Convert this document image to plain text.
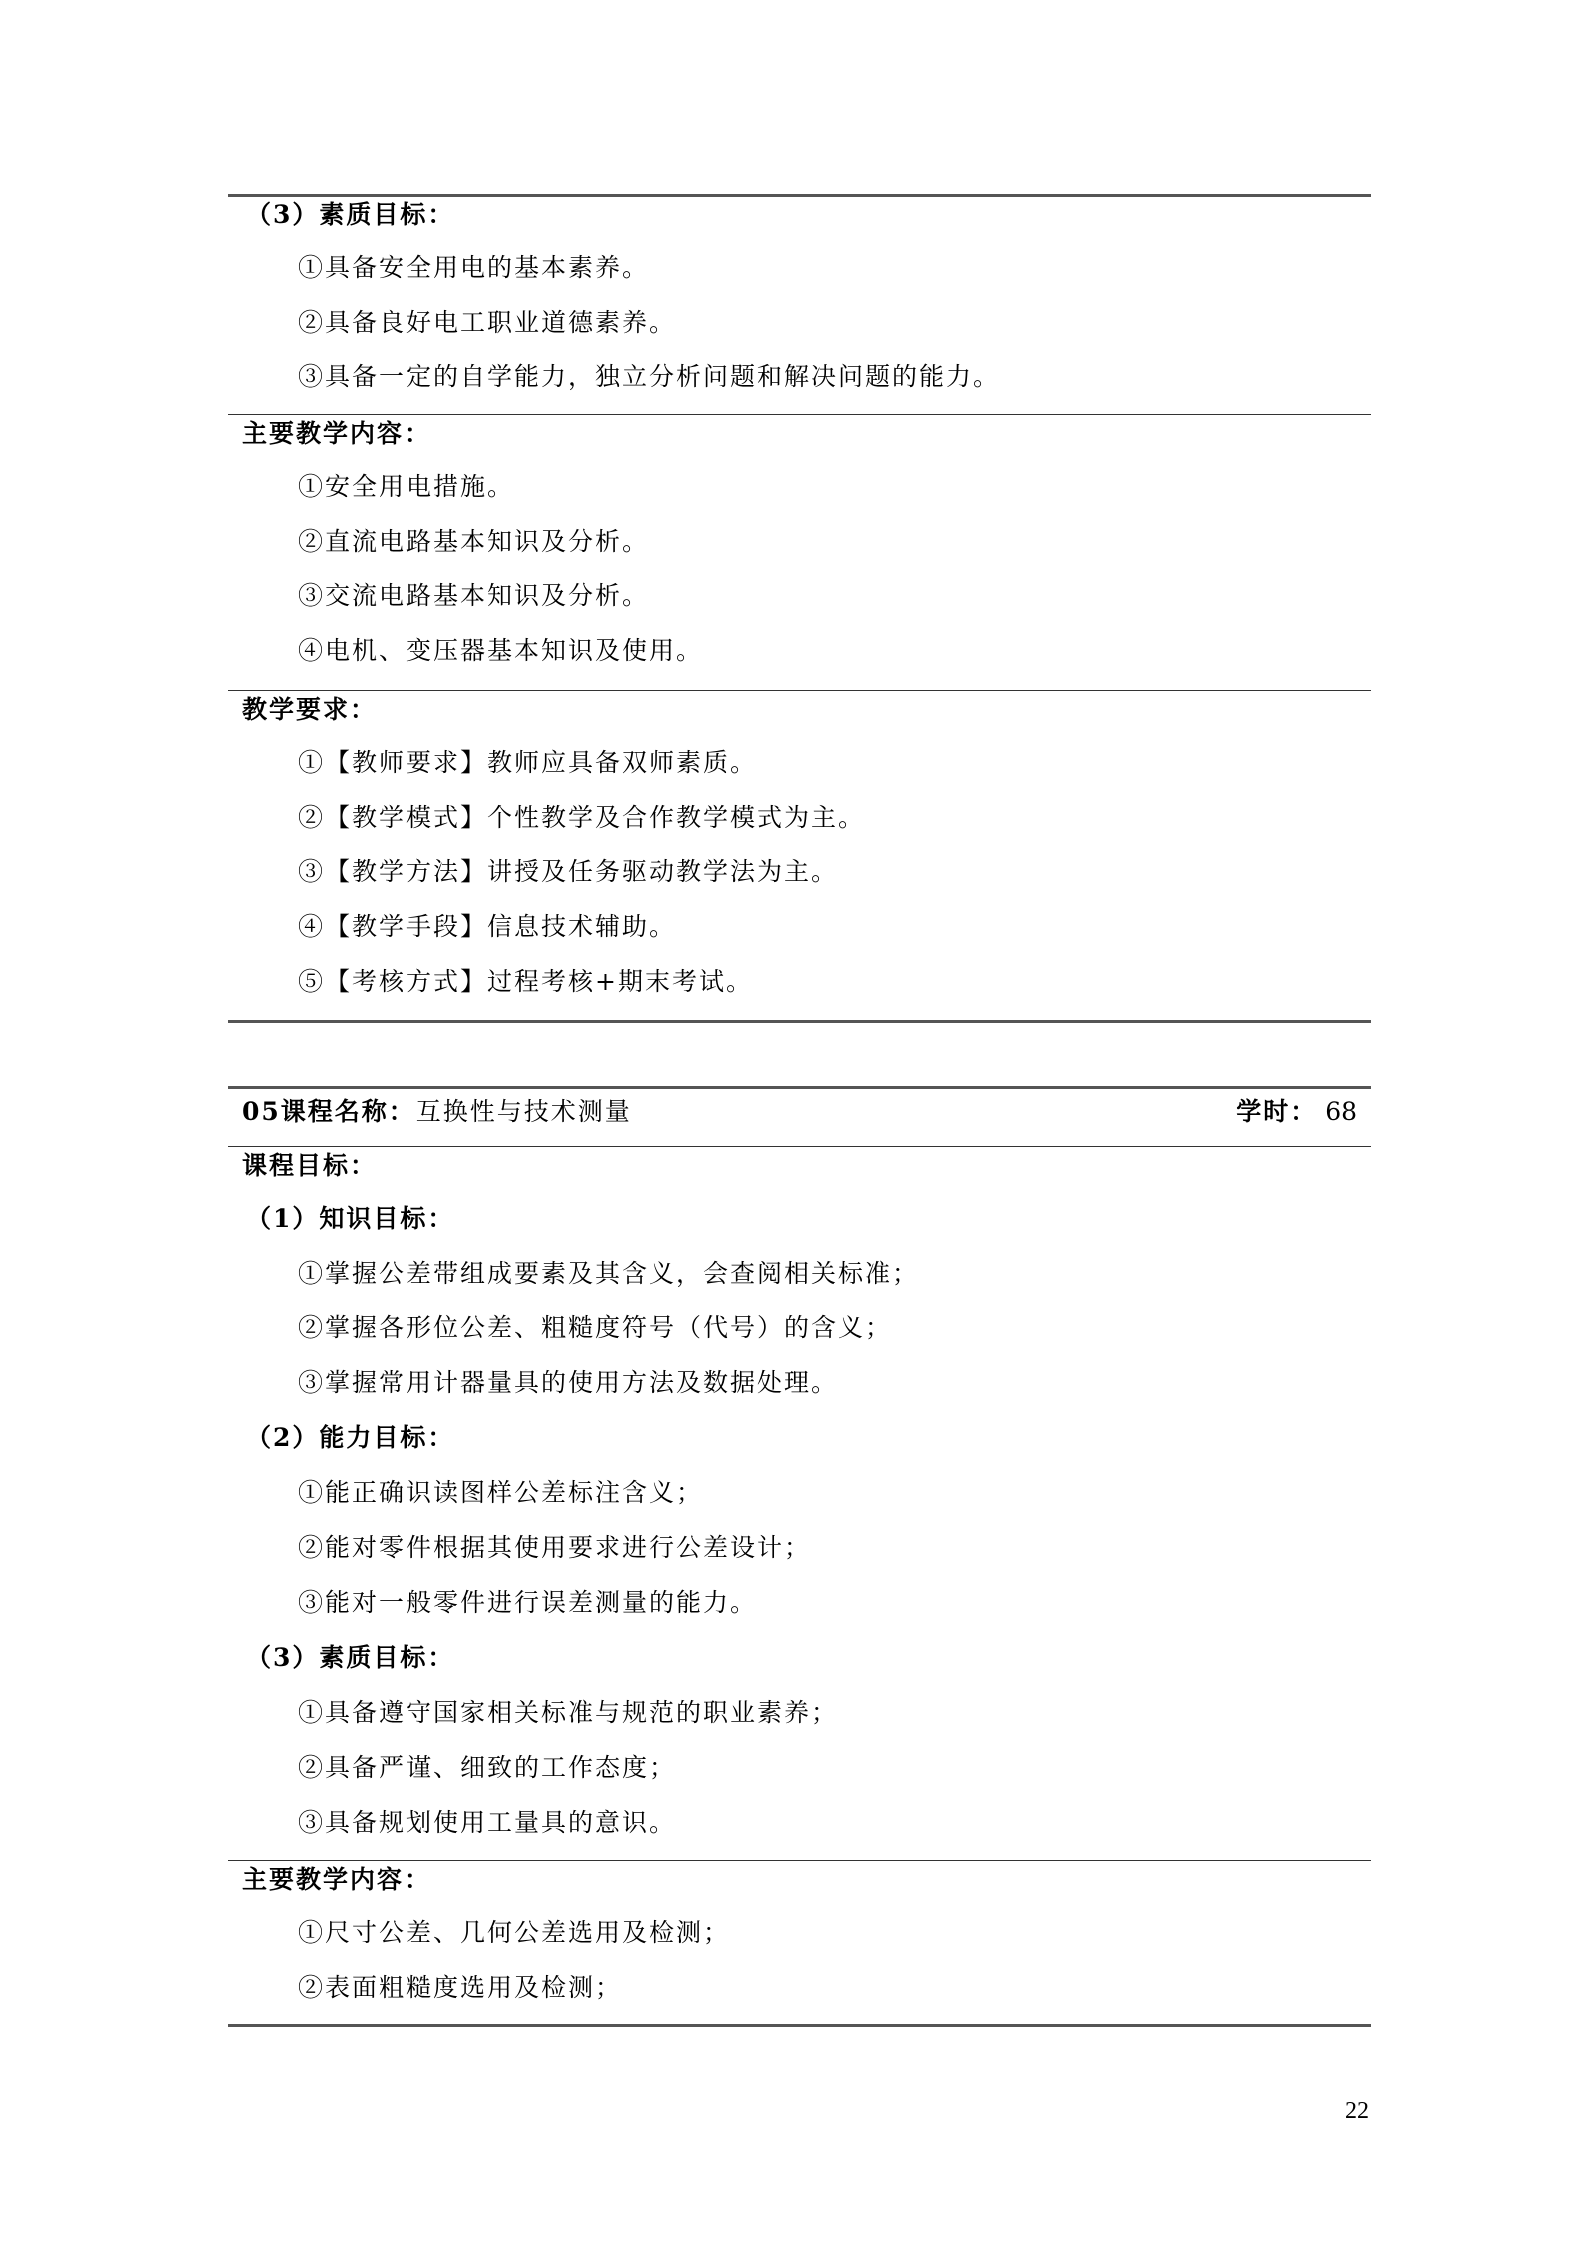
（3）素质目标：
①具备安全用电的基本素养。
②具备良好电工职业道德素养。
③具备一定的自学能力，独立分析问题和解决问题的能力。
主要教学内容：
①安全用电措施。
②直流电路基本知识及分析。
③交流电路基本知识及分析。
④电机、变压器基本知识及使用。
教学要求：
①【教师要求】教师应具备双师素质。
②【教学模式】个性教学及合作教学模式为主。
③【教学方法】讲授及任务驱动教学法为主。
④【教学手段】信息技术辅助。
⑤【考核方式】过程考核+期末考试。
05课程名称：互换性与技术测量	学时： 68
课程目标：
（1）知识目标：
①掌握公差带组成要素及其含义，会查阅相关标准；
②掌握各形位公差、粗糙度符号（代号）的含义；
③掌握常用计器量具的使用方法及数据处理。
（2）能力目标：
①能正确识读图样公差标注含义；
②能对零件根据其使用要求进行公差设计；
③能对一般零件进行误差测量的能力。
（3）素质目标：
①具备遵守国家相关标准与规范的职业素养；
②具备严谨、细致的工作态度；
③具备规划使用工量具的意识。
主要教学内容：
①尺寸公差、几何公差选用及检测；
②表面粗糙度选用及检测；
22
